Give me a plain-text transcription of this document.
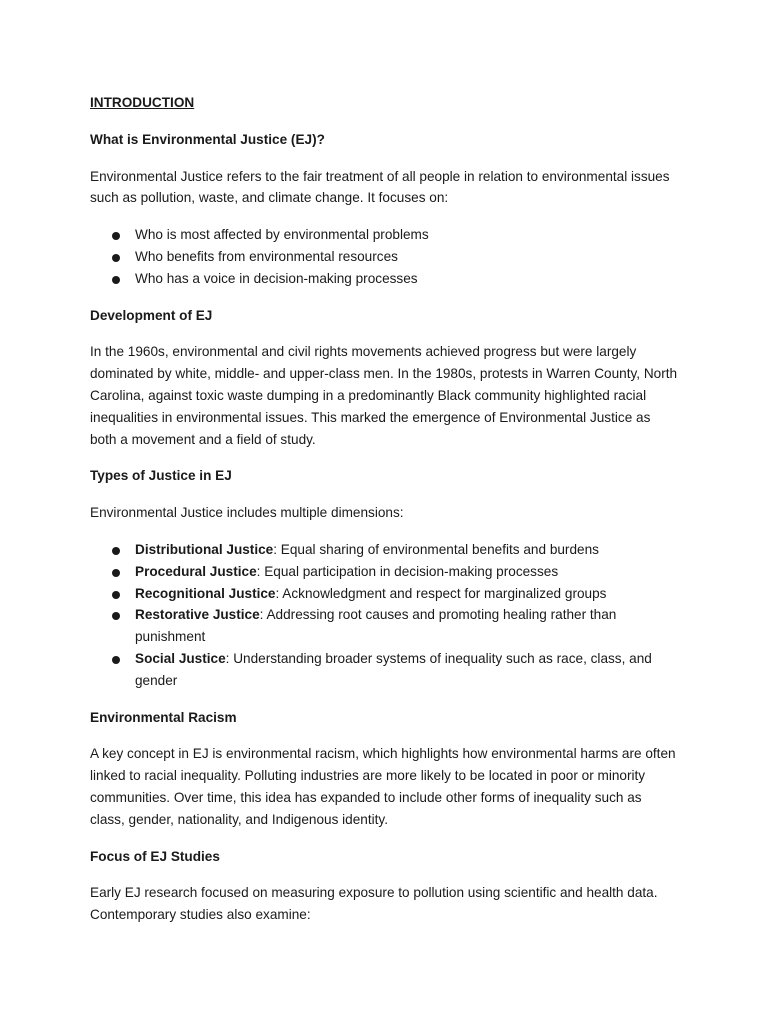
INTRODUCTION
What is Environmental Justice (EJ)?

Environmental Justice refers to the fair treatment of all people in relation to environmental issues such as pollution, waste, and climate change. It focuses on:

Who is most affected by environmental problems
Who benefits from environmental resources
Who has a voice in decision-making processes
Development of EJ

In the 1960s, environmental and civil rights movements achieved progress but were largely dominated by white, middle- and upper-class men. In the 1980s, protests in Warren County, North Carolina, against toxic waste dumping in a predominantly Black community highlighted racial inequalities in environmental issues. This marked the emergence of Environmental Justice as both a movement and a field of study.

Types of Justice in EJ

Environmental Justice includes multiple dimensions:

Distributional Justice: Equal sharing of environmental benefits and burdens
Procedural Justice: Equal participation in decision-making processes
Recognitional Justice: Acknowledgment and respect for marginalized groups
Restorative Justice: Addressing root causes and promoting healing rather than punishment
Social Justice: Understanding broader systems of inequality such as race, class, and gender
Environmental Racism

A key concept in EJ is environmental racism, which highlights how environmental harms are often linked to racial inequality. Polluting industries are more likely to be located in poor or minority communities. Over time, this idea has expanded to include other forms of inequality such as class, gender, nationality, and Indigenous identity.

Focus of EJ Studies

Early EJ research focused on measuring exposure to pollution using scientific and health data. Contemporary studies also examine:
